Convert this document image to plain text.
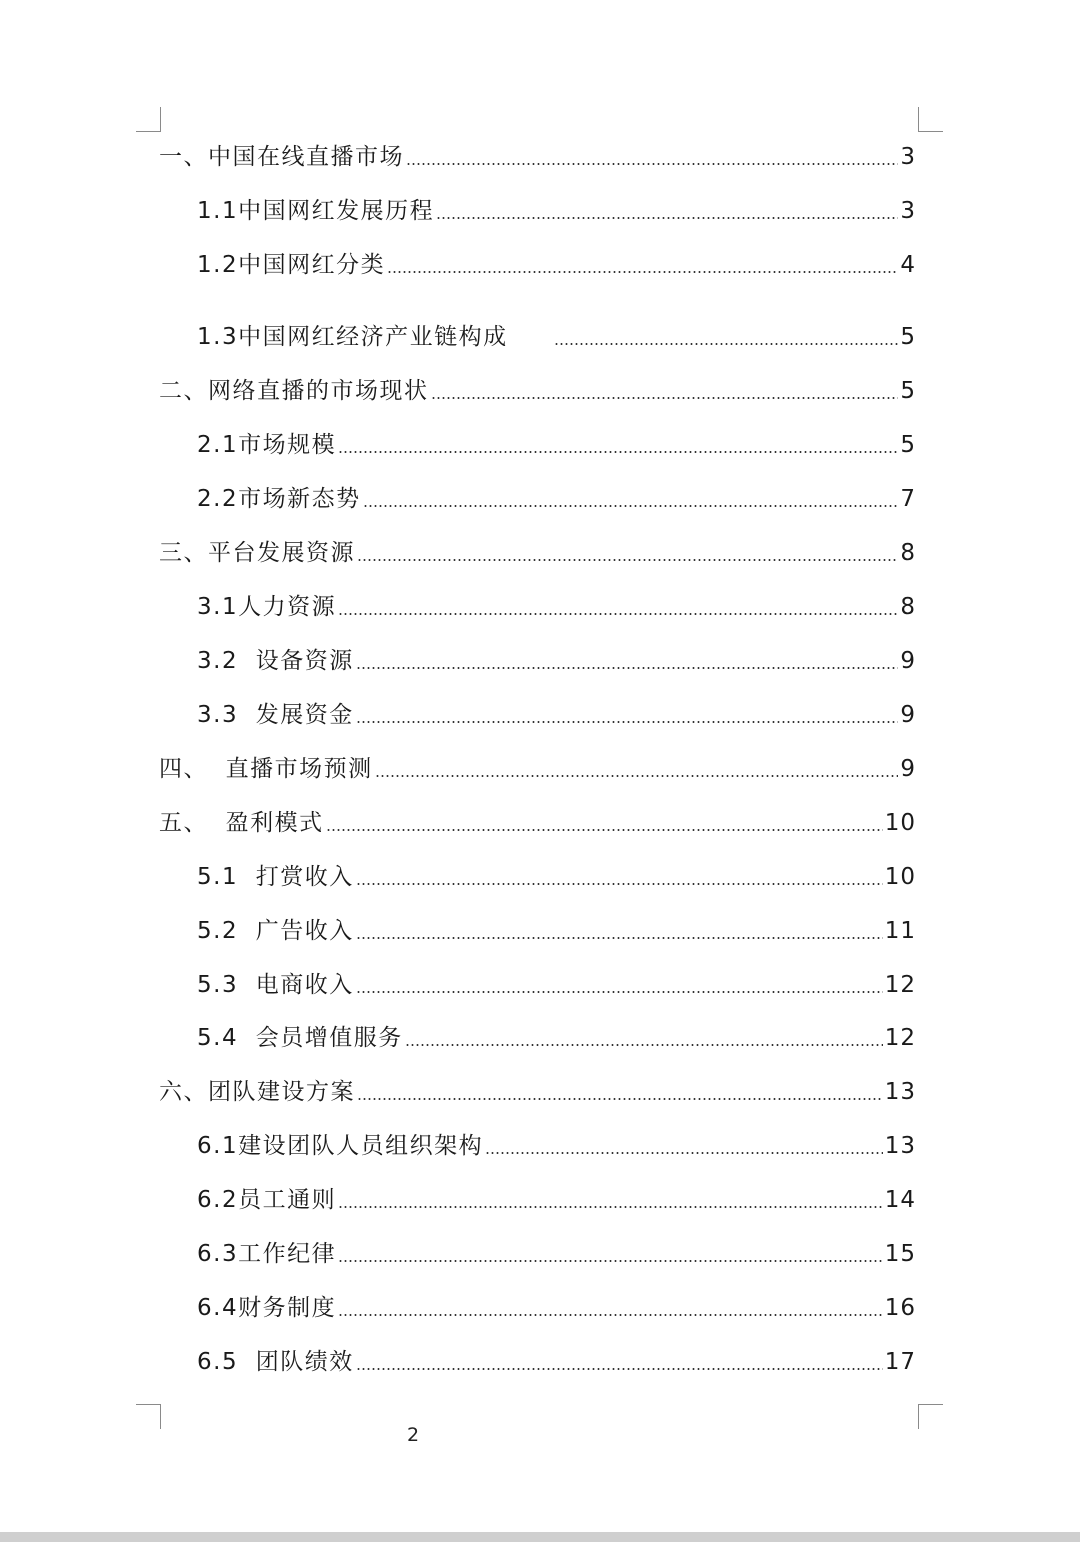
一、中国在线直播市场	3
1.1中国网红发展历程	3
1.2中国网红分类	4
1.3中国网红经济产业链构成	5
二、网络直播的市场现状	5
2.1市场规模	5
2.2市场新态势	7
三、平台发展资源	8
3.1人力资源	8
3.2  设备资源	9
3.3  发展资金	9
四、  直播市场预测	9
五、  盈利模式	10
5.1  打赏收入	10
5.2  广告收入	11
5.3  电商收入	12
5.4  会员增值服务	12
六、团队建设方案	13
6.1建设团队人员组织架构	13
6.2员工通则	14
6.3工作纪律	15
6.4财务制度	16
6.5  团队绩效	17
2
